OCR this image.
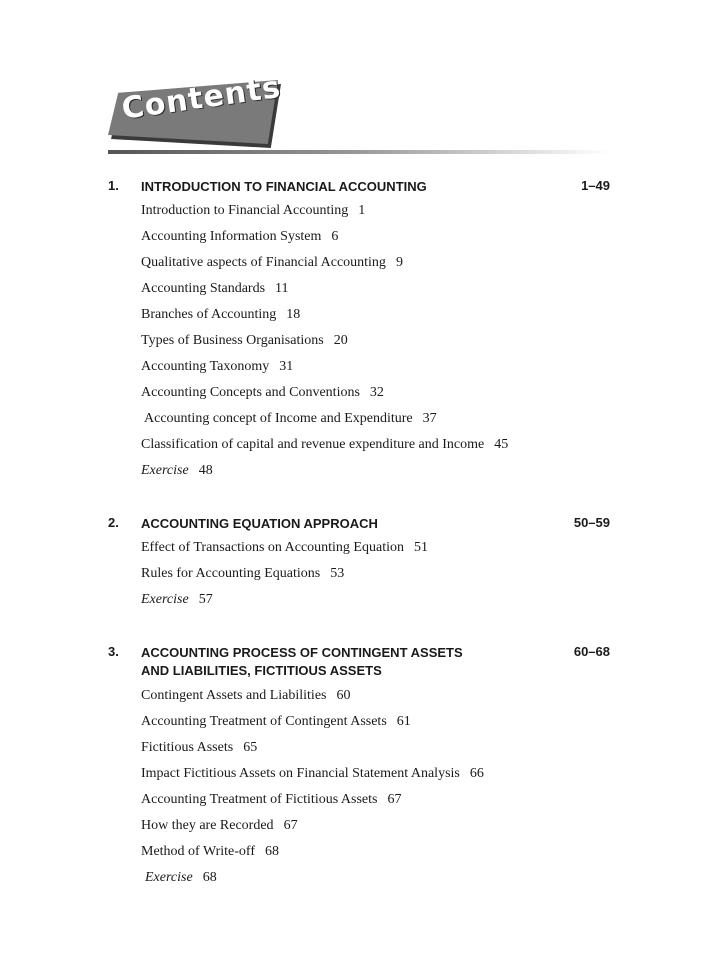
Contents
1. INTRODUCTION TO FINANCIAL ACCOUNTING	1–49
Introduction to Financial Accounting 1
Accounting Information System 6
Qualitative aspects of Financial Accounting 9
Accounting Standards 11
Branches of Accounting 18
Types of Business Organisations 20
Accounting Taxonomy 31
Accounting Concepts and Conventions 32
Accounting concept of Income and Expenditure 37
Classification of capital and revenue expenditure and Income 45
Exercise 48
2. ACCOUNTING EQUATION APPROACH	50–59
Effect of Transactions on Accounting Equation 51
Rules for Accounting Equations 53
Exercise 57
3. ACCOUNTING PROCESS OF CONTINGENT ASSETS
AND LIABILITIES, FICTITIOUS ASSETS
60–68
Contingent Assets and Liabilities 60
Accounting Treatment of Contingent Assets 61
Fictitious Assets 65
Impact Fictitious Assets on Financial Statement Analysis 66
Accounting Treatment of Fictitious Assets 67
How they are Recorded 67
Method of Write-off 68
Exercise 68
